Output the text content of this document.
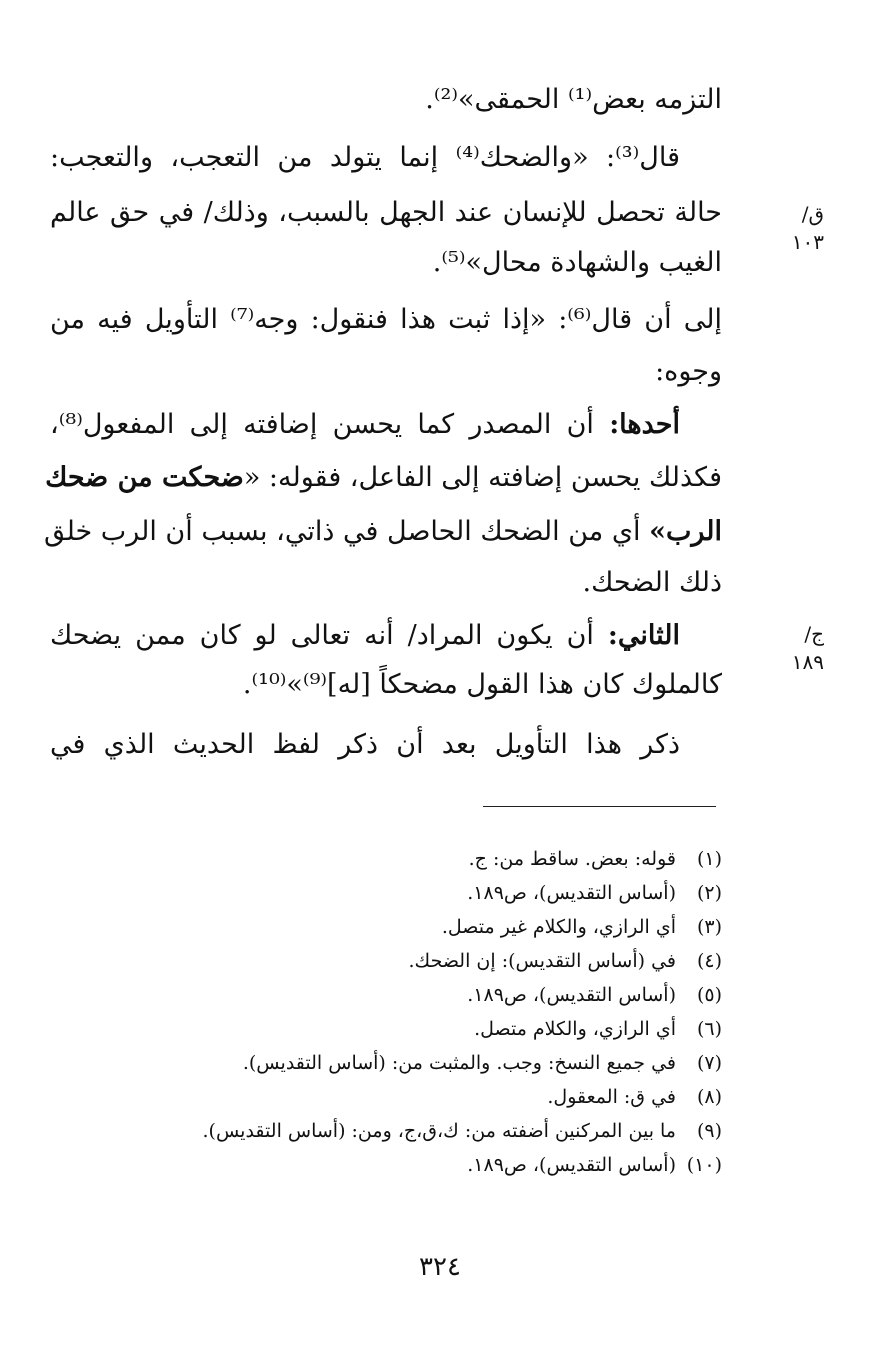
التزمه بعض⁽¹⁾ الحمقى»⁽²⁾.
قال⁽³⁾: «والضحك⁽⁴⁾ إنما يتولد من التعجب، والتعجب:
حالة تحصل للإنسان عند الجهل بالسبب، وذلك/ في حق عالم
الغيب والشهادة محال»⁽⁵⁾.
إلى أن قال⁽⁶⁾: «إذا ثبت هذا فنقول: وجه⁽⁷⁾ التأويل فيه من
وجوه:
أحدها: أن المصدر كما يحسن إضافته إلى المفعول⁽⁸⁾،
فكذلك يحسن إضافته إلى الفاعل، فقوله: «ضحكت من ضحك
الرب» أي من الضحك الحاصل في ذاتي، بسبب أن الرب خلق
ذلك الضحك.
الثاني: أن يكون المراد/ أنه تعالى لو كان ممن يضحك
كالملوك كان هذا القول مضحكاً [له]⁽⁹⁾»⁽¹⁰⁾.
ذكر هذا التأويل بعد أن ذكر لفظ الحديث الذي في
ق/١٠٣
ج/١٨٩
(١)قوله: بعض. ساقط من: ج.
(٢)(أساس التقديس)، ص١٨٩.
(٣)أي الرازي، والكلام غير متصل.
(٤)في (أساس التقديس): إن الضحك.
(٥)(أساس التقديس)، ص١٨٩.
(٦)أي الرازي، والكلام متصل.
(٧)في جميع النسخ: وجب. والمثبت من: (أساس التقديس).
(٨)في ق: المعقول.
(٩)ما بين المركنين أضفته من: ك،ق،ج، ومن: (أساس التقديس).
(١٠)(أساس التقديس)، ص١٨٩.
٣٢٤
